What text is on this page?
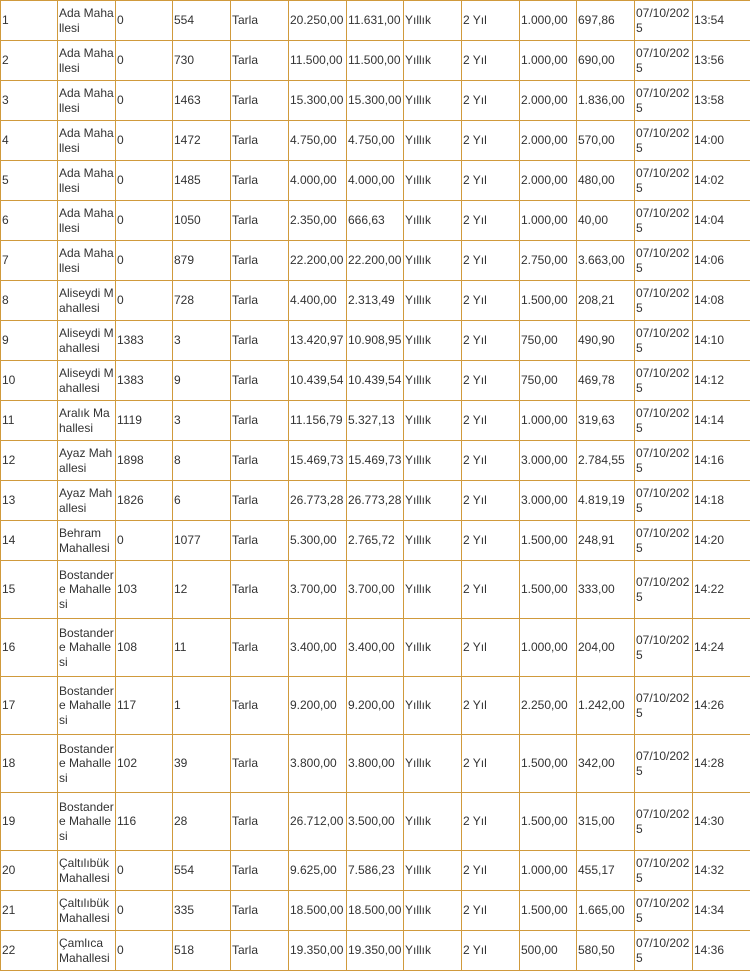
1	Ada Mahallesi	0	554	Tarla	20.250,00	11.631,00	Yıllık	2 Yıl	1.000,00	697,86	07/10/2025	13:54
2	Ada Mahallesi	0	730	Tarla	11.500,00	11.500,00	Yıllık	2 Yıl	1.000,00	690,00	07/10/2025	13:56
3	Ada Mahallesi	0	1463	Tarla	15.300,00	15.300,00	Yıllık	2 Yıl	2.000,00	1.836,00	07/10/2025	13:58
4	Ada Mahallesi	0	1472	Tarla	4.750,00	4.750,00	Yıllık	2 Yıl	2.000,00	570,00	07/10/2025	14:00
5	Ada Mahallesi	0	1485	Tarla	4.000,00	4.000,00	Yıllık	2 Yıl	2.000,00	480,00	07/10/2025	14:02
6	Ada Mahallesi	0	1050	Tarla	2.350,00	666,63	Yıllık	2 Yıl	1.000,00	40,00	07/10/2025	14:04
7	Ada Mahallesi	0	879	Tarla	22.200,00	22.200,00	Yıllık	2 Yıl	2.750,00	3.663,00	07/10/2025	14:06
8	Aliseydi Mahallesi	0	728	Tarla	4.400,00	2.313,49	Yıllık	2 Yıl	1.500,00	208,21	07/10/2025	14:08
9	Aliseydi Mahallesi	1383	3	Tarla	13.420,97	10.908,95	Yıllık	2 Yıl	750,00	490,90	07/10/2025	14:10
10	Aliseydi Mahallesi	1383	9	Tarla	10.439,54	10.439,54	Yıllık	2 Yıl	750,00	469,78	07/10/2025	14:12
11	Aralık Mahallesi	1119	3	Tarla	11.156,79	5.327,13	Yıllık	2 Yıl	1.000,00	319,63	07/10/2025	14:14
12	Ayaz Mahallesi	1898	8	Tarla	15.469,73	15.469,73	Yıllık	2 Yıl	3.000,00	2.784,55	07/10/2025	14:16
13	Ayaz Mahallesi	1826	6	Tarla	26.773,28	26.773,28	Yıllık	2 Yıl	3.000,00	4.819,19	07/10/2025	14:18
14	Behram Mahallesi	0	1077	Tarla	5.300,00	2.765,72	Yıllık	2 Yıl	1.500,00	248,91	07/10/2025	14:20
15	Bostandere Mahallesi	103	12	Tarla	3.700,00	3.700,00	Yıllık	2 Yıl	1.500,00	333,00	07/10/2025	14:22
16	Bostandere Mahallesi	108	11	Tarla	3.400,00	3.400,00	Yıllık	2 Yıl	1.000,00	204,00	07/10/2025	14:24
17	Bostandere Mahallesi	117	1	Tarla	9.200,00	9.200,00	Yıllık	2 Yıl	2.250,00	1.242,00	07/10/2025	14:26
18	Bostandere Mahallesi	102	39	Tarla	3.800,00	3.800,00	Yıllık	2 Yıl	1.500,00	342,00	07/10/2025	14:28
19	Bostandere Mahallesi	116	28	Tarla	26.712,00	3.500,00	Yıllık	2 Yıl	1.500,00	315,00	07/10/2025	14:30
20	Çaltılıbük Mahallesi	0	554	Tarla	9.625,00	7.586,23	Yıllık	2 Yıl	1.000,00	455,17	07/10/2025	14:32
21	Çaltılıbük Mahallesi	0	335	Tarla	18.500,00	18.500,00	Yıllık	2 Yıl	1.500,00	1.665,00	07/10/2025	14:34
22	Çamlıca Mahallesi	0	518	Tarla	19.350,00	19.350,00	Yıllık	2 Yıl	500,00	580,50	07/10/2025	14:36
